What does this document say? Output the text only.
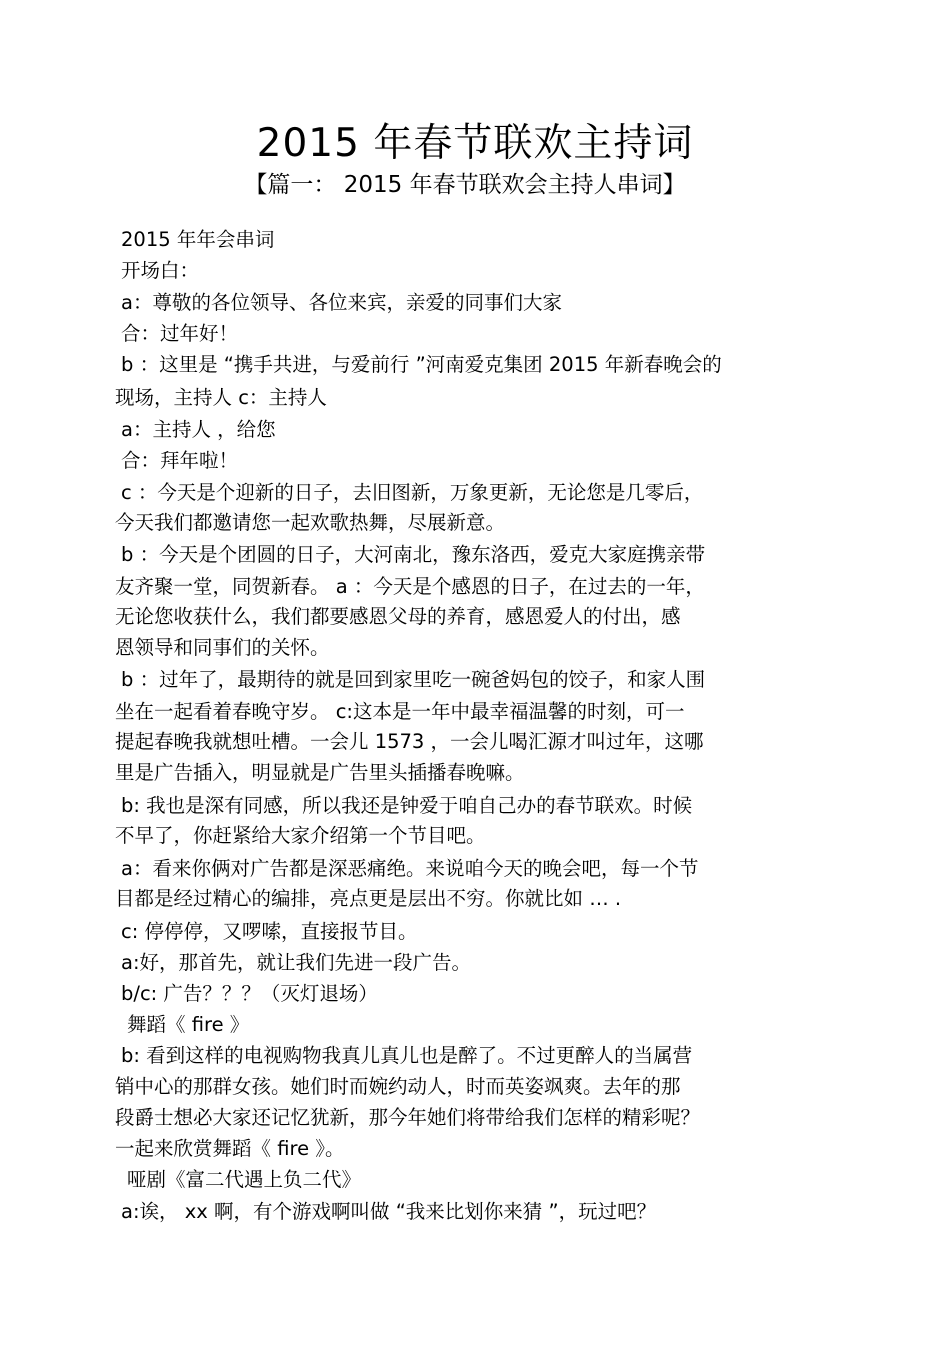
2015 年春节联欢主持词
【篇一： 2015 年春节联欢会主持人串词】
2015 年年会串词
开场白：
a：尊敬的各位领导、各位来宾，亲爱的同事们大家
合：过年好！
b ：这里是 “携手共进，与爱前行 ”河南爱克集团 2015 年新春晚会的
现场，主持人 c：主持人
a：主持人 ，给您
合：拜年啦！
c ：今天是个迎新的日子，去旧图新，万象更新，无论您是几零后，
今天我们都邀请您一起欢歌热舞，尽展新意。
b ：今天是个团圆的日子，大河南北，豫东洛西，爱克大家庭携亲带
友齐聚一堂，同贺新春。 a ：今天是个感恩的日子，在过去的一年，
无论您收获什么，我们都要感恩父母的养育，感恩爱人的付出，感
恩领导和同事们的关怀。
b ：过年了，最期待的就是回到家里吃一碗爸妈包的饺子，和家人围
坐在一起看着春晚守岁。 c:这本是一年中最幸福温馨的时刻，可一
提起春晚我就想吐槽。一会儿 1573 ，一会儿喝汇源才叫过年，这哪
里是广告插入，明显就是广告里头插播春晚嘛。
b: 我也是深有同感，所以我还是钟爱于咱自己办的春节联欢。时候
不早了，你赶紧给大家介绍第一个节目吧。
a：看来你俩对广告都是深恶痛绝。来说咱今天的晚会吧，每一个节
目都是经过精心的编排，亮点更是层出不穷。你就比如 … .
c: 停停停，又啰嗦，直接报节目。
a:好，那首先，就让我们先进一段广告。
b/c: 广告？？？（灭灯退场）
舞蹈《 fire 》
b: 看到这样的电视购物我真儿真儿也是醉了。不过更醉人的当属营
销中心的那群女孩。她们时而婉约动人，时而英姿飒爽。去年的那
段爵士想必大家还记忆犹新，那今年她们将带给我们怎样的精彩呢？
一起来欣赏舞蹈《 fire 》。
哑剧《富二代遇上负二代》
a:诶， xx 啊，有个游戏啊叫做 “我来比划你来猜 ”，玩过吧？
